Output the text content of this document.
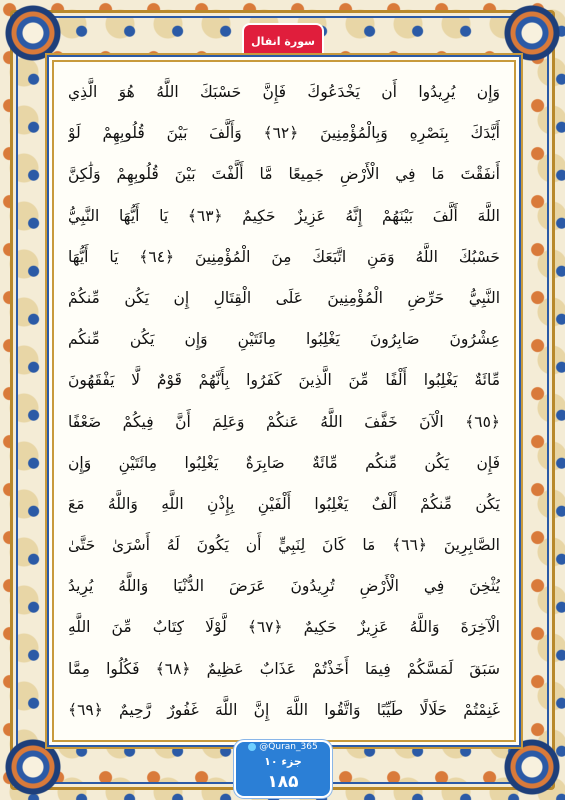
سورة انفال
وَإِن يُرِيدُوا أَن يَخْدَعُوكَ فَإِنَّ حَسْبَكَ اللَّهُ هُوَ الَّذِي
أَيَّدَكَ بِنَصْرِهِ وَبِالْمُؤْمِنِينَ ﴿٦٢﴾ وَأَلَّفَ بَيْنَ قُلُوبِهِمْ لَوْ
أَنفَقْتَ مَا فِي الْأَرْضِ جَمِيعًا مَّا أَلَّفْتَ بَيْنَ قُلُوبِهِمْ وَلَٰكِنَّ
اللَّهَ أَلَّفَ بَيْنَهُمْ إِنَّهُ عَزِيزٌ حَكِيمٌ ﴿٦٣﴾ يَا أَيُّهَا النَّبِيُّ
حَسْبُكَ اللَّهُ وَمَنِ اتَّبَعَكَ مِنَ الْمُؤْمِنِينَ ﴿٦٤﴾ يَا أَيُّهَا
النَّبِيُّ حَرِّضِ الْمُؤْمِنِينَ عَلَى الْقِتَالِ إِن يَكُن مِّنكُمْ
عِشْرُونَ صَابِرُونَ يَغْلِبُوا مِائَتَيْنِ وَإِن يَكُن مِّنكُم
مِّائَةٌ يَغْلِبُوا أَلْفًا مِّنَ الَّذِينَ كَفَرُوا بِأَنَّهُمْ قَوْمٌ لَّا يَفْقَهُونَ
﴿٦٥﴾ الْآنَ خَفَّفَ اللَّهُ عَنكُمْ وَعَلِمَ أَنَّ فِيكُمْ ضَعْفًا
فَإِن يَكُن مِّنكُم مِّائَةٌ صَابِرَةٌ يَغْلِبُوا مِائَتَيْنِ وَإِن
يَكُن مِّنكُمْ أَلْفٌ يَغْلِبُوا أَلْفَيْنِ بِإِذْنِ اللَّهِ وَاللَّهُ مَعَ
الصَّابِرِينَ ﴿٦٦﴾ مَا كَانَ لِنَبِيٍّ أَن يَكُونَ لَهُ أَسْرَىٰ حَتَّىٰ
يُثْخِنَ فِي الْأَرْضِ تُرِيدُونَ عَرَضَ الدُّنْيَا وَاللَّهُ يُرِيدُ
الْآخِرَةَ وَاللَّهُ عَزِيزٌ حَكِيمٌ ﴿٦٧﴾ لَّوْلَا كِتَابٌ مِّنَ اللَّهِ
سَبَقَ لَمَسَّكُمْ فِيمَا أَخَذْتُمْ عَذَابٌ عَظِيمٌ ﴿٦٨﴾ فَكُلُوا مِمَّا
غَنِمْتُمْ حَلَالًا طَيِّبًا وَاتَّقُوا اللَّهَ إِنَّ اللَّهَ غَفُورٌ رَّحِيمٌ ﴿٦٩﴾
@Quran_365
جزء ۱۰
۱۸۵
